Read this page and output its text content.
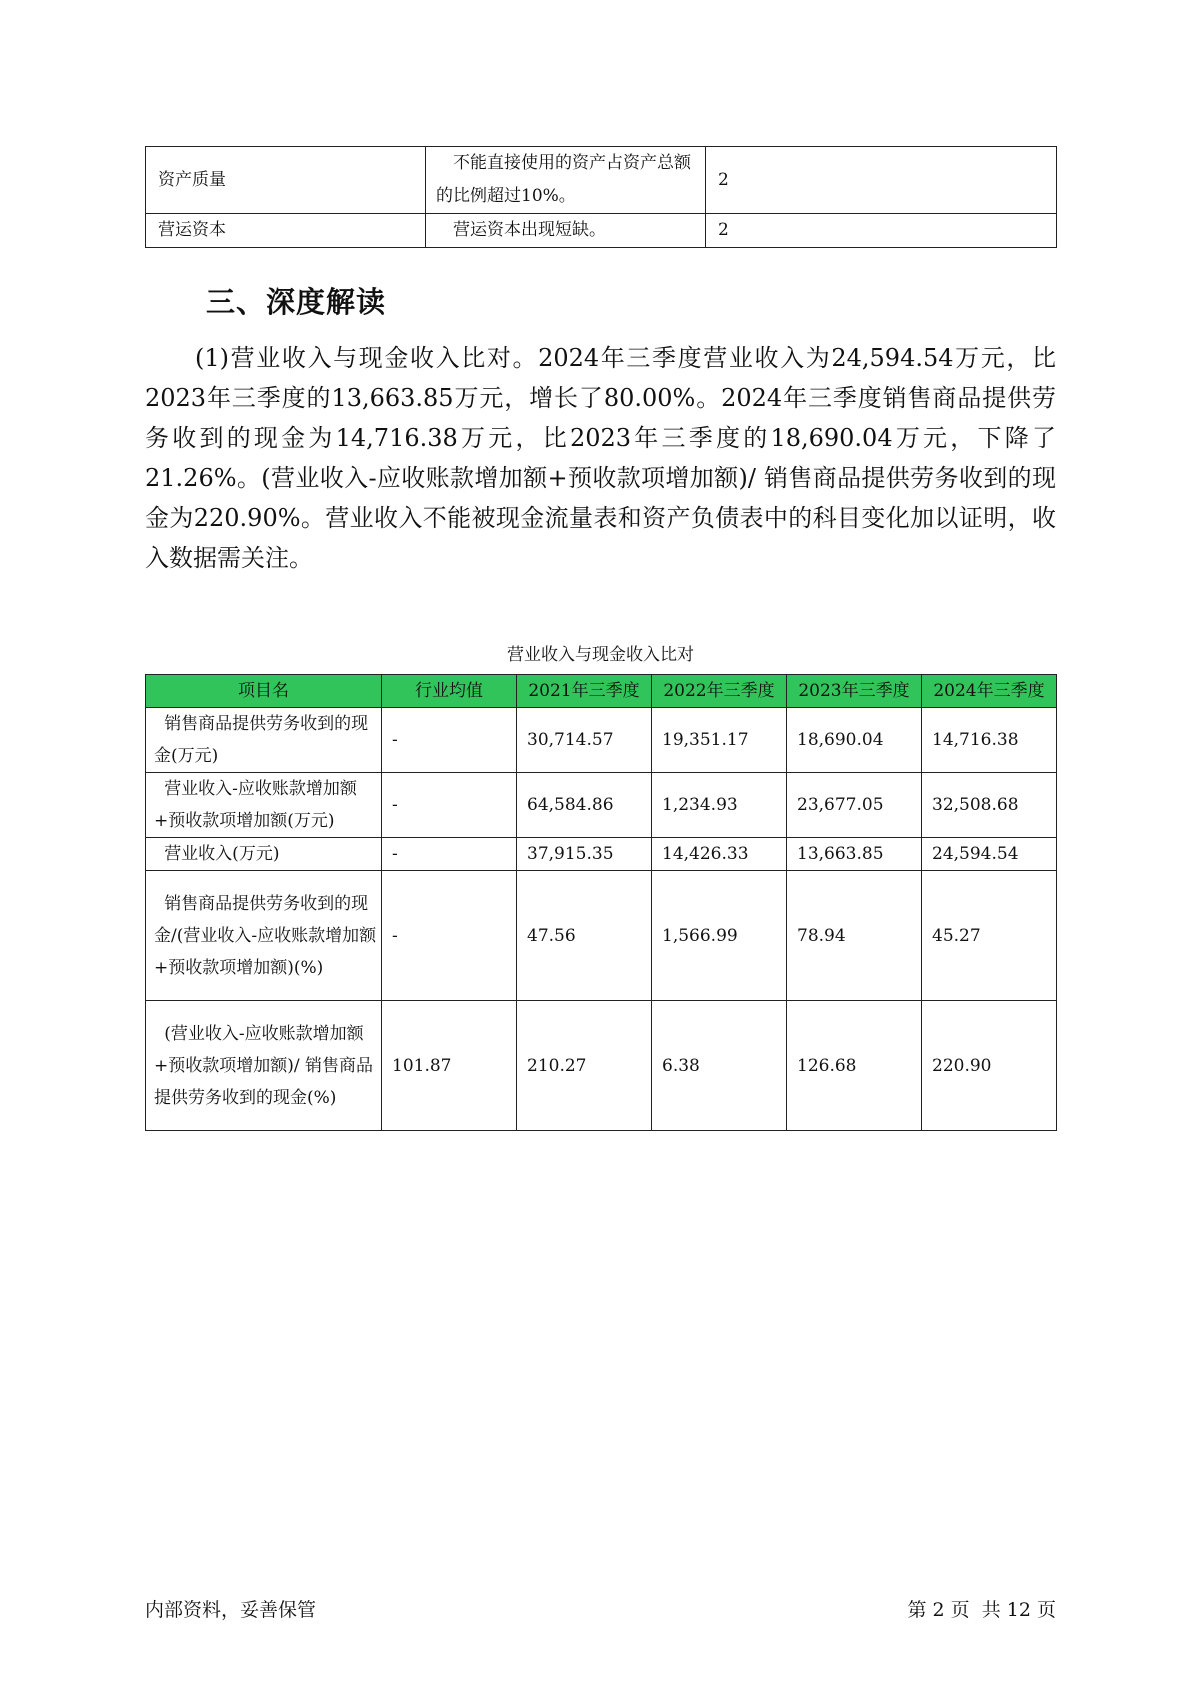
资产质量	不能直接使用的资产占资产总额的比例超过10%。	2
营运资本	营运资本出现短缺。	2
三、深度解读

(1)营业收入与现金收入比对。2024年三季度营业收入为24,594.54万元，比2023年三季度的13,663.85万元，增长了80.00%。2024年三季度销售商品提供劳务收到的现金为14,716.38万元，比2023年三季度的18,690.04万元，下降了21.26%。(营业收入-应收账款增加额+预收款项增加额)/ 销售商品提供劳务收到的现金为220.90%。营业收入不能被现金流量表和资产负债表中的科目变化加以证明，收入数据需关注。

营业收入与现金收入比对

项目名	行业均值	2021年三季度	2022年三季度	2023年三季度	2024年三季度
销售商品提供劳务收到的现金(万元)	-	30,714.57	19,351.17	18,690.04	14,716.38
营业收入-应收账款增加额+预收款项增加额(万元)	-	64,584.86	1,234.93	23,677.05	32,508.68
营业收入(万元)	-	37,915.35	14,426.33	13,663.85	24,594.54
销售商品提供劳务收到的现金/(营业收入-应收账款增加额+预收款项增加额)(%)	-	47.56	1,566.99	78.94	45.27
(营业收入-应收账款增加额+预收款项增加额)/ 销售商品提供劳务收到的现金(%)	101.87	210.27	6.38	126.68	220.90
内部资料，妥善保管	第 2 页  共 12 页
